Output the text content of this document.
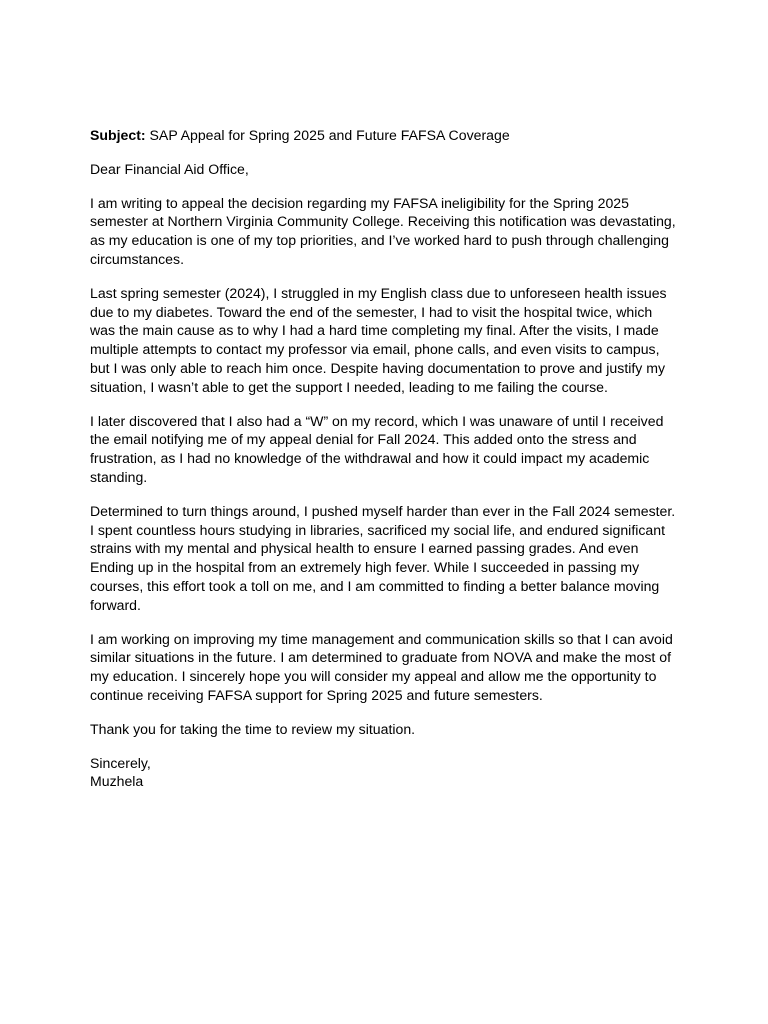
Subject: SAP Appeal for Spring 2025 and Future FAFSA Coverage

Dear Financial Aid Office,

I am writing to appeal the decision regarding my FAFSA ineligibility for the Spring 2025 semester at Northern Virginia Community College. Receiving this notification was devastating, as my education is one of my top priorities, and I’ve worked hard to push through challenging circumstances.

Last spring semester (2024), I struggled in my English class due to unforeseen health issues due to my diabetes. Toward the end of the semester, I had to visit the hospital twice, which was the main cause as to why I had a hard time completing my final. After the visits, I made multiple attempts to contact my professor via email, phone calls, and even visits to campus, but I was only able to reach him once. Despite having documentation to prove and justify my situation, I wasn’t able to get the support I needed, leading to me failing the course.

I later discovered that I also had a “W” on my record, which I was unaware of until I received the email notifying me of my appeal denial for Fall 2024. This added onto the stress and frustration, as I had no knowledge of the withdrawal and how it could impact my academic standing.

Determined to turn things around, I pushed myself harder than ever in the Fall 2024 semester. I spent countless hours studying in libraries, sacrificed my social life, and endured significant strains with my mental and physical health to ensure I earned passing grades. And even Ending up in the hospital from an extremely high fever. While I succeeded in passing my courses, this effort took a toll on me, and I am committed to finding a better balance moving forward.

I am working on improving my time management and communication skills so that I can avoid similar situations in the future. I am determined to graduate from NOVA and make the most of my education. I sincerely hope you will consider my appeal and allow me the opportunity to continue receiving FAFSA support for Spring 2025 and future semesters.

Thank you for taking the time to review my situation.

Sincerely,
Muzhela
